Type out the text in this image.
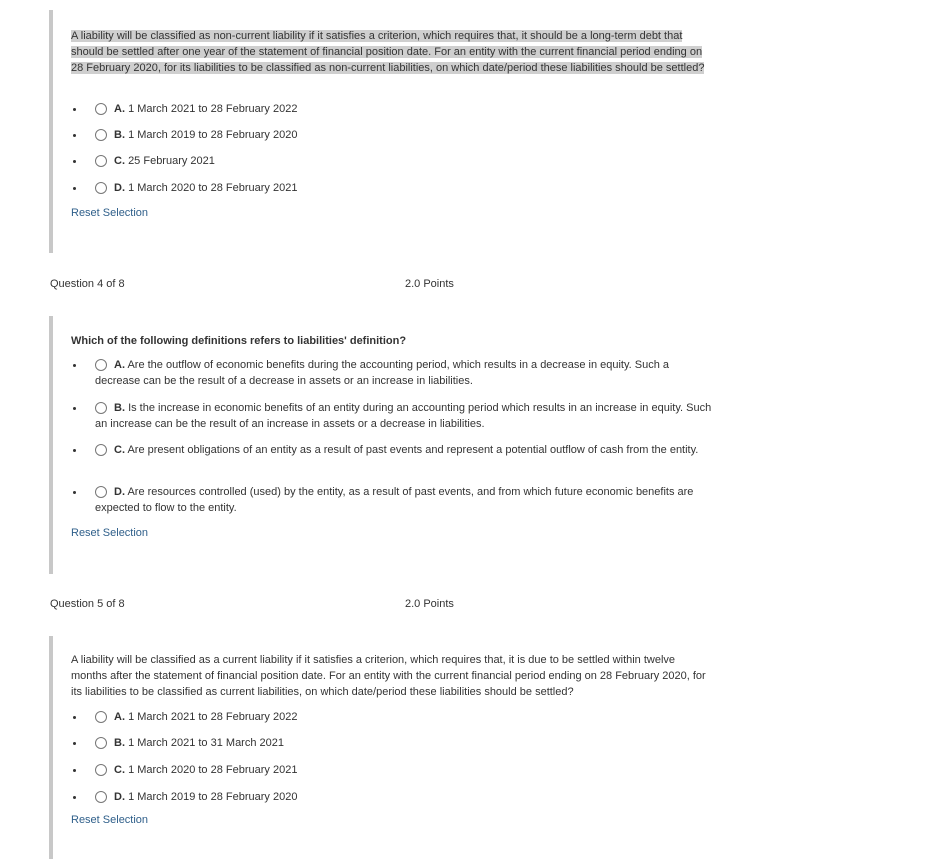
A liability will be classified as non-current liability if it satisfies a criterion, which requires that, it should be a long-term debt that should be settled after one year of the statement of financial position date. For an entity with the current financial period ending on 28 February 2020, for its liabilities to be classified as non-current liabilities, on which date/period these liabilities should be settled?
A. 1 March 2021 to 28 February 2022
B. 1 March 2019 to 28 February 2020
C. 25 February 2021
D. 1 March 2020 to 28 February 2021
Reset Selection
Question 4 of 8	2.0 Points
Which of the following definitions refers to liabilities' definition?
A. Are the outflow of economic benefits during the accounting period, which results in a decrease in equity. Such a decrease can be the result of a decrease in assets or an increase in liabilities.
B. Is the increase in economic benefits of an entity during an accounting period which results in an increase in equity. Such an increase can be the result of an increase in assets or a decrease in liabilities.
C. Are present obligations of an entity as a result of past events and represent a potential outflow of cash from the entity.
D. Are resources controlled (used) by the entity, as a result of past events, and from which future economic benefits are expected to flow to the entity.
Reset Selection
Question 5 of 8	2.0 Points
A liability will be classified as a current liability if it satisfies a criterion, which requires that, it is due to be settled within twelve months after the statement of financial position date. For an entity with the current financial period ending on 28 February 2020, for its liabilities to be classified as current liabilities, on which date/period these liabilities should be settled?
A. 1 March 2021 to 28 February 2022
B. 1 March 2021 to 31 March 2021
C. 1 March 2020 to 28 February 2021
D. 1 March 2019 to 28 February 2020
Reset Selection
